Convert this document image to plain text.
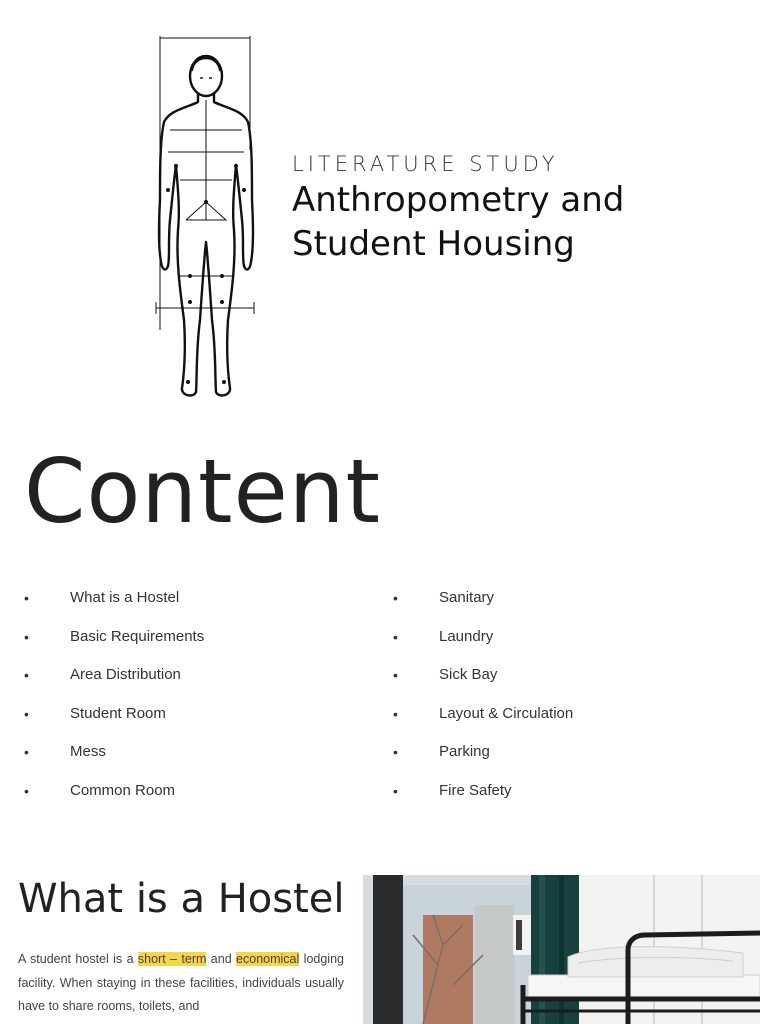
LITERATURE STUDY
Anthropometry and
Student Housing
Content
•	What is a Hostel
•	Basic Requirements
•	Area Distribution
•	Student Room
•	Mess
•	Common Room
•	Sanitary
•	Laundry
•	Sick Bay
•	Layout & Circulation
•	Parking
•	Fire Safety
What is a Hostel

A student hostel is a short – term and economical lodging facility. When staying in these facilities, individuals usually have to share rooms, toilets, and
